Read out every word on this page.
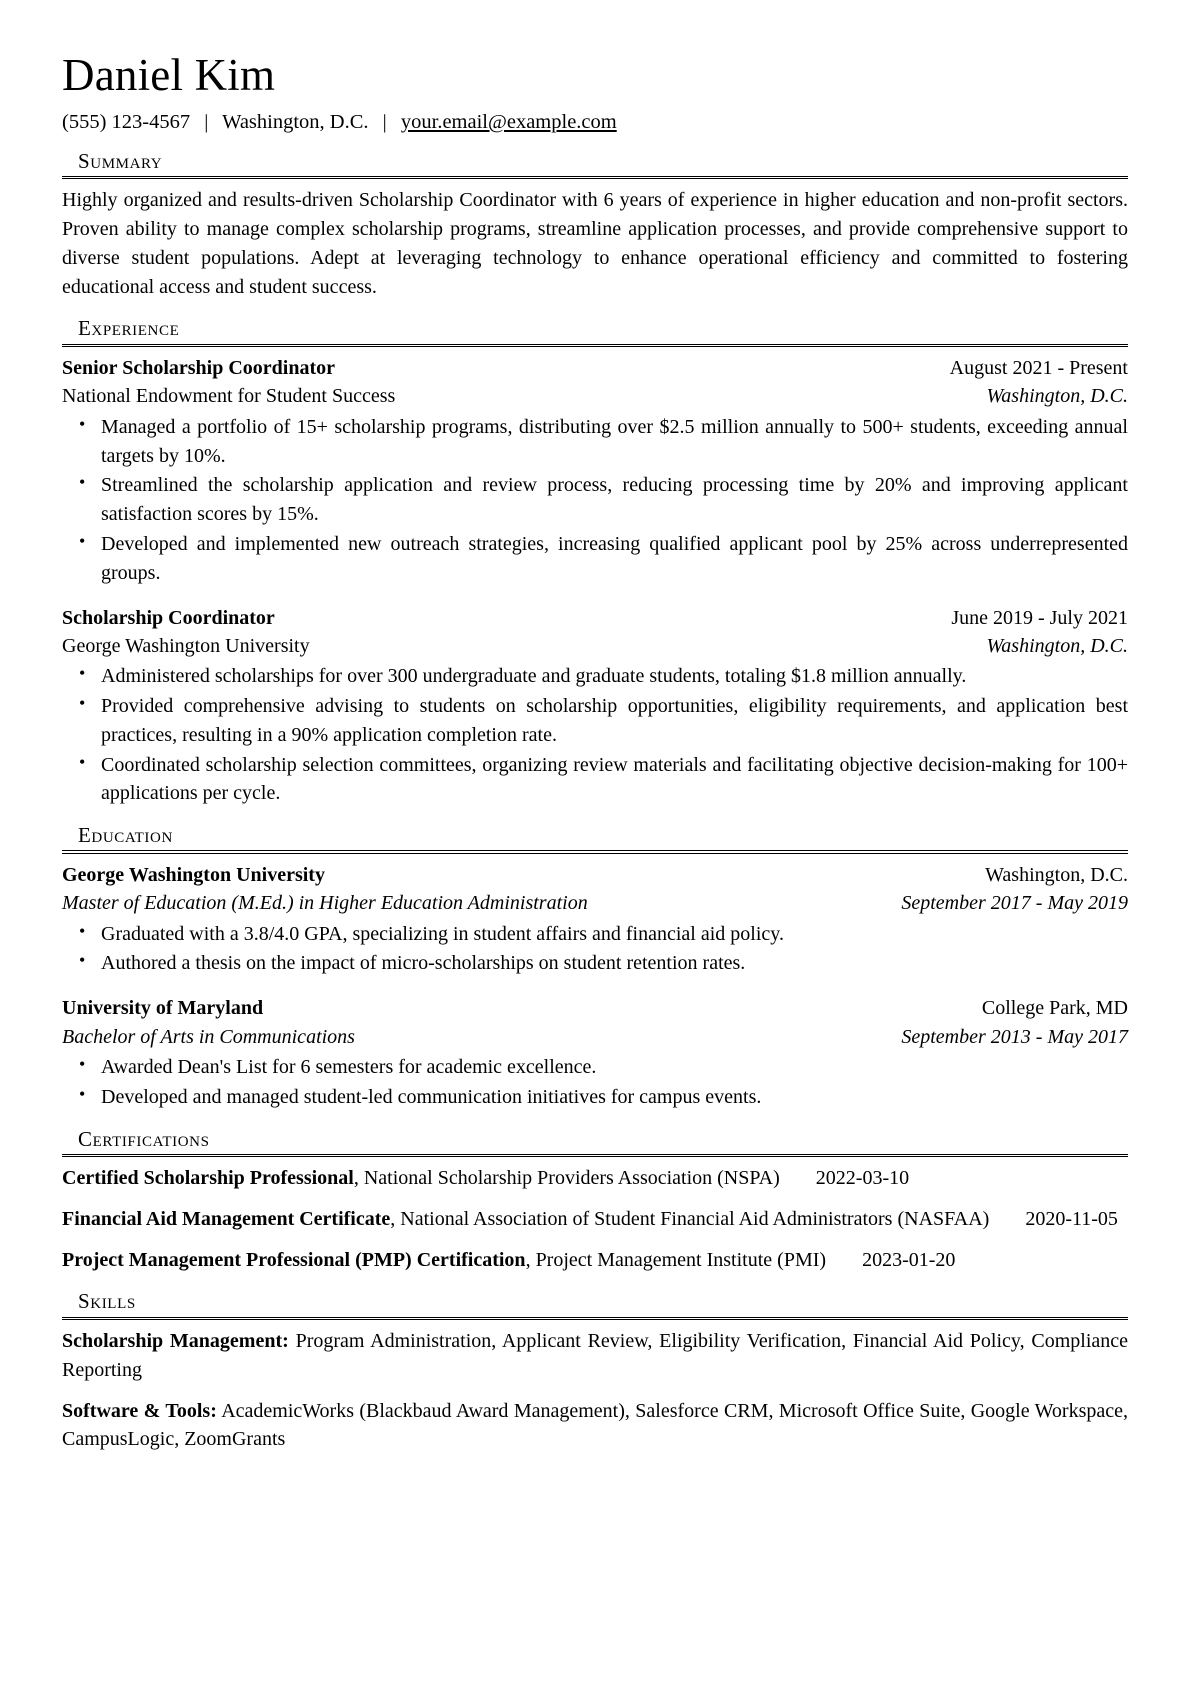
Daniel Kim
(555) 123-4567 | Washington, D.C. | your.email@example.com
Summary

Highly organized and results-driven Scholarship Coordinator with 6 years of experience in higher education and non-profit sectors. Proven ability to manage complex scholarship programs, streamline application processes, and provide comprehensive support to diverse student populations. Adept at leveraging technology to enhance operational efficiency and committed to fostering educational access and student success.

Experience
Senior Scholarship Coordinator	August 2021 - Present
National Endowment for Student Success	Washington, D.C.
• Managed a portfolio of 15+ scholarship programs, distributing over $2.5 million annually to 500+ students, exceeding annual targets by 10%.
• Streamlined the scholarship application and review process, reducing processing time by 20% and improving applicant satisfaction scores by 15%.
• Developed and implemented new outreach strategies, increasing qualified applicant pool by 25% across underrepresented groups.
Scholarship Coordinator	June 2019 - July 2021
George Washington University	Washington, D.C.
• Administered scholarships for over 300 undergraduate and graduate students, totaling $1.8 million annually.
• Provided comprehensive advising to students on scholarship opportunities, eligibility requirements, and application best practices, resulting in a 90% application completion rate.
• Coordinated scholarship selection committees, organizing review materials and facilitating objective decision-making for 100+ applications per cycle.
Education
George Washington University	Washington, D.C.
Master of Education (M.Ed.) in Higher Education Administration	September 2017 - May 2019
• Graduated with a 3.8/4.0 GPA, specializing in student affairs and financial aid policy.
• Authored a thesis on the impact of micro-scholarships on student retention rates.
University of Maryland	College Park, MD
Bachelor of Arts in Communications	September 2013 - May 2017
• Awarded Dean's List for 6 semesters for academic excellence.
• Developed and managed student-led communication initiatives for campus events.
Certifications
Certified Scholarship Professional, National Scholarship Providers Association (NSPA) 2022-03-10
Financial Aid Management Certificate, National Association of Student Financial Aid Administrators (NASFAA) 2020-11-05
Project Management Professional (PMP) Certification, Project Management Institute (PMI) 2023-01-20
Skills
Scholarship Management: Program Administration, Applicant Review, Eligibility Verification, Financial Aid Policy, Compliance Reporting
Software & Tools: AcademicWorks (Blackbaud Award Management), Salesforce CRM, Microsoft Office Suite, Google Workspace, CampusLogic, ZoomGrants
